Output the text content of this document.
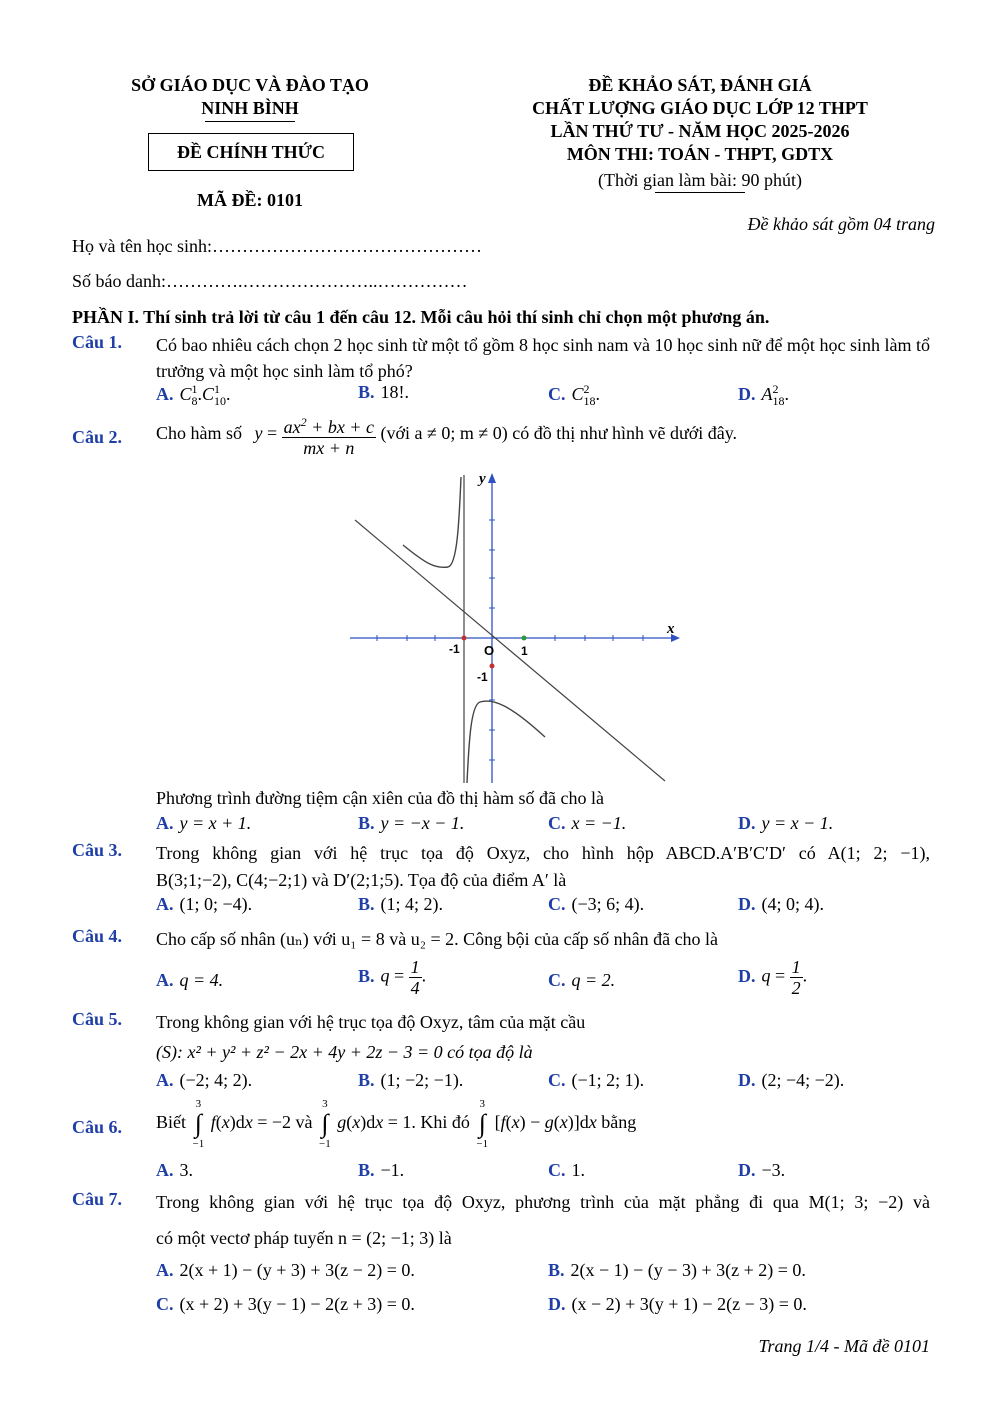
SỞ GIÁO DỤC VÀ ĐÀO TẠO
NINH BÌNH
ĐỀ CHÍNH THỨC
MÃ ĐỀ: 0101
ĐỀ KHẢO SÁT, ĐÁNH GIÁ
CHẤT LƯỢNG GIÁO DỤC LỚP 12 THPT
LẦN THỨ TƯ - NĂM HỌC 2025-2026
MÔN THI: TOÁN - THPT, GDTX
(Thời gian làm bài: 90 phút)
Đề khảo sát gồm 04 trang
Họ và tên học sinh:………………………………………
Số báo danh:………….…………………..……………
PHẦN I. Thí sinh trả lời từ câu 1 đến câu 12. Mỗi câu hỏi thí sinh chỉ chọn một phương án.
Câu 1. Có bao nhiêu cách chọn 2 học sinh từ một tổ gồm 8 học sinh nam và 10 học sinh nữ để một học sinh làm tổ trưởng và một học sinh làm tổ phó?
A. $C^1_8.C^1_{10}$.	B. 18!.	C. $C^2_{18}$.	D. $A^2_{18}$.
Câu 2. Cho hàm số $y = \frac{ax^2 + bx + c}{mx + n}$ (với a ≠ 0; m ≠ 0) có đồ thị như hình vẽ dưới đây.
x
y
O
-1	1
-1
Phương trình đường tiệm cận xiên của đồ thị hàm số đã cho là
A. y = x + 1.	B. y = −x − 1.	C. x = −1.	D. y = x − 1.
Câu 3. Trong không gian với hệ trục tọa độ Oxyz, cho hình hộp ABCD.A′B′C′D′ có A(1; 2; −1),
B(3;1;−2), C(4;−2;1) và D′(2;1;5). Tọa độ của điểm A′ là
A. (1; 0; −4).	B. (1; 4; 2).	C. (−3; 6; 4).	D. (4; 0; 4).
Câu 4. Cho cấp số nhân (uₙ) với u₁ = 8 và u₂ = 2. Công bội của cấp số nhân đã cho là
A. q = 4.	B. $q = \frac{1}{4}$ .	C. q = 2.	D. $q = \frac{1}{2}$ .
Câu 5. Trong không gian với hệ trục tọa độ Oxyz, tâm của mặt cầu
(S): x² + y² + z² − 2x + 4y + 2z − 3 = 0 có tọa độ là
A. (−2; 4; 2).	B. (1; −2; −1).	C. (−1; 2; 1).	D. (2; −4; −2).
Câu 6. Biết
3
∫
−1
f(x)dx = −2 và
3
∫
−1
g(x)dx = 1. Khi đó
3
∫
−1
[f(x) − g(x)]dx bằng
A. 3.	B. −1.	C. 1.	D. −3.
Câu 7. Trong không gian với hệ trục tọa độ Oxyz, phương trình của mặt phẳng đi qua M(1; 3; −2) và
có một vectơ pháp tuyến n = (2; −1; 3) là
A. 2(x + 1) − (y + 3) + 3(z − 2) = 0.	B. 2(x − 1) − (y − 3) + 3(z + 2) = 0.
C. (x + 2) + 3(y − 1) − 2(z + 3) = 0.	D. (x − 2) + 3(y + 1) − 2(z − 3) = 0.
Trang 1/4 - Mã đề 0101
